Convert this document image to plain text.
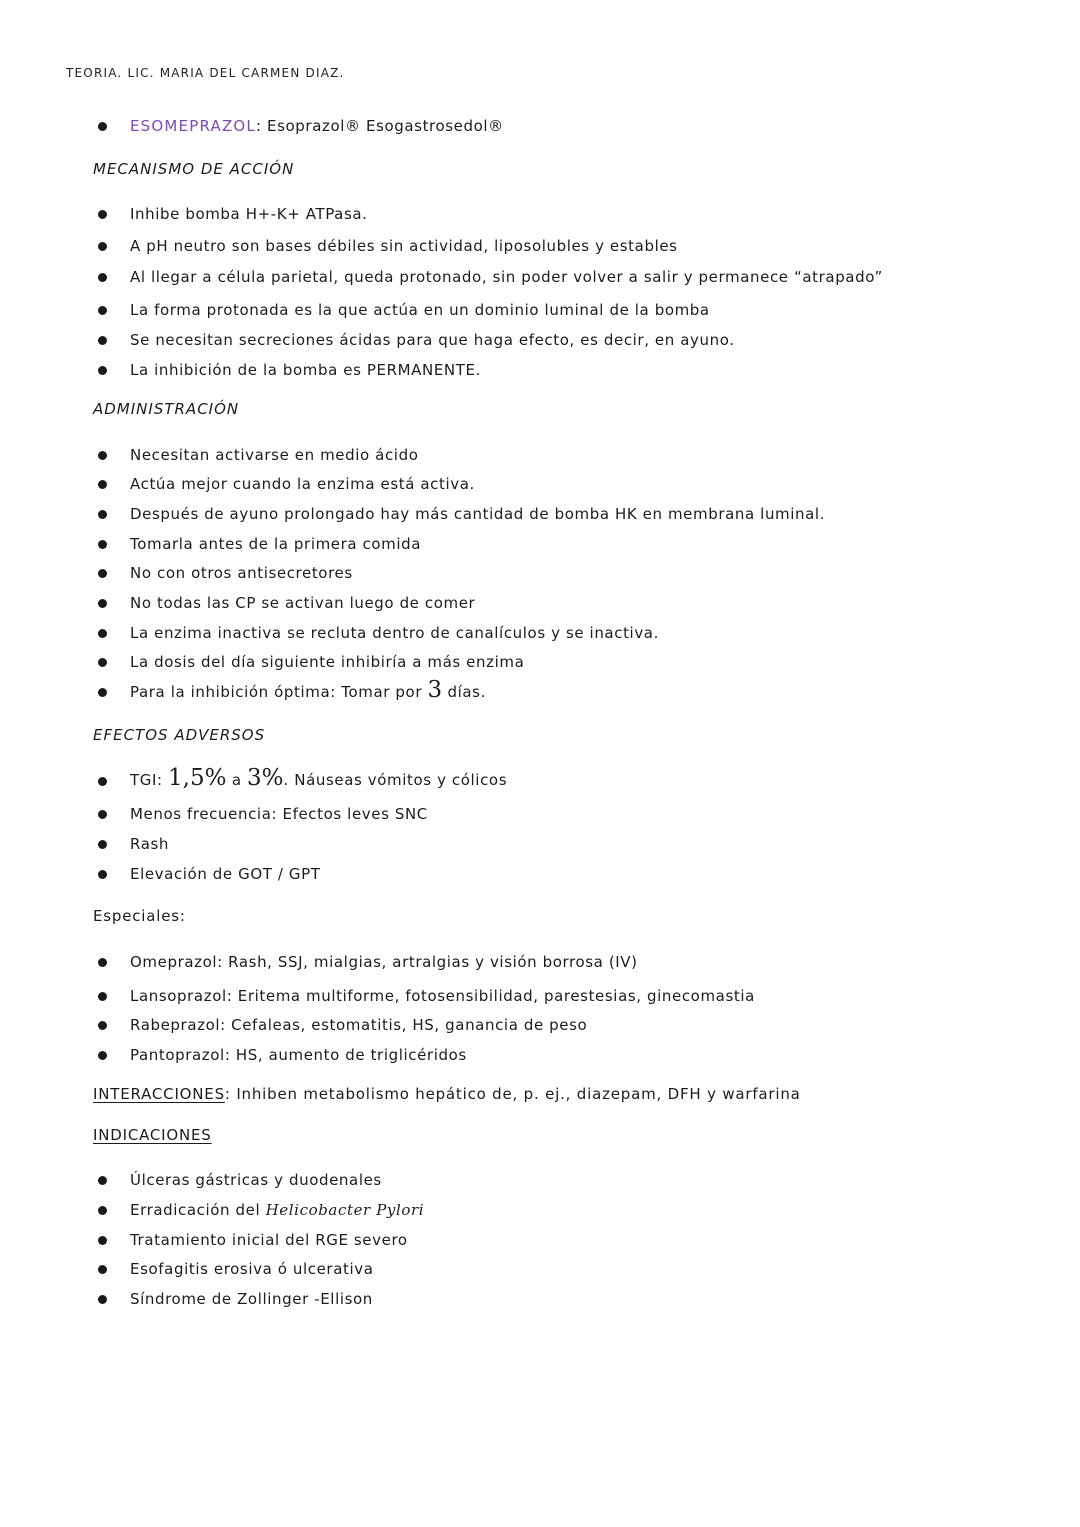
TEORIA. LIC. MARIA DEL CARMEN DIAZ.
ESOMEPRAZOL: Esoprazol® Esogastrosedol®
MECANISMO DE ACCIÓN
Inhibe bomba H+-K+ ATPasa.
A pH neutro son bases débiles sin actividad, liposolubles y estables
Al llegar a célula parietal, queda protonado, sin poder volver a salir y permanece “atrapado”
La forma protonada es la que actúa en un dominio luminal de la bomba
Se necesitan secreciones ácidas para que haga efecto, es decir, en ayuno.
La inhibición de la bomba es PERMANENTE.
ADMINISTRACIÓN
Necesitan activarse en medio ácido
Actúa mejor cuando la enzima está activa.
Después de ayuno prolongado hay más cantidad de bomba HK en membrana luminal.
Tomarla antes de la primera comida
No con otros antisecretores
No todas las CP se activan luego de comer
La enzima inactiva se recluta dentro de canalículos y se inactiva.
La dosis del día siguiente inhibiría a más enzima
Para la inhibición óptima: Tomar por 3 días.
EFECTOS ADVERSOS
TGI: 1,5% a 3%. Náuseas vómitos y cólicos
Menos frecuencia: Efectos leves SNC
Rash
Elevación de GOT / GPT
Especiales:
Omeprazol: Rash, SSJ, mialgias, artralgias y visión borrosa (IV)
Lansoprazol: Eritema multiforme, fotosensibilidad, parestesias, ginecomastia
Rabeprazol: Cefaleas, estomatitis, HS, ganancia de peso
Pantoprazol: HS, aumento de triglicéridos
INTERACCIONES: Inhiben metabolismo hepático de, p. ej., diazepam, DFH y warfarina
INDICACIONES
Úlceras gástricas y duodenales
Erradicación del Helicobacter Pylori
Tratamiento inicial del RGE severo
Esofagitis erosiva ó ulcerativa
Síndrome de Zollinger -Ellison
